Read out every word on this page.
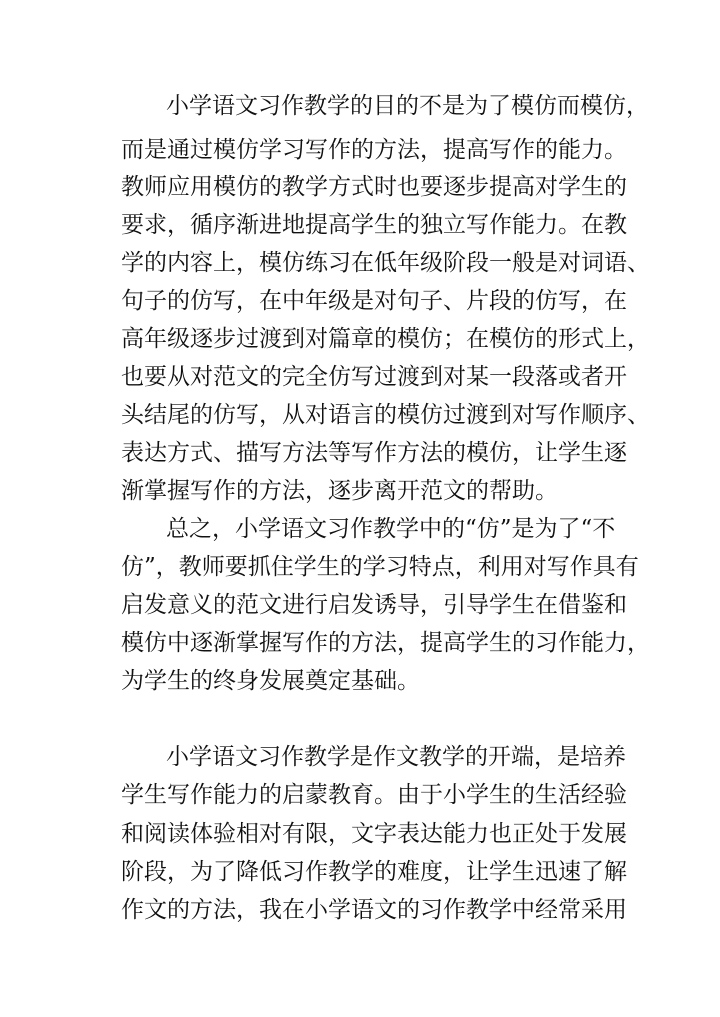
小学语文习作教学的目的不是为了模仿而模仿，
而是通过模仿学习写作的方法，提高写作的能力。
教师应用模仿的教学方式时也要逐步提高对学生的
要求，循序渐进地提高学生的独立写作能力。在教
学的内容上，模仿练习在低年级阶段一般是对词语、
句子的仿写，在中年级是对句子、片段的仿写，在
高年级逐步过渡到对篇章的模仿；在模仿的形式上，
也要从对范文的完全仿写过渡到对某一段落或者开
头结尾的仿写，从对语言的模仿过渡到对写作顺序、
表达方式、描写方法等写作方法的模仿，让学生逐
渐掌握写作的方法，逐步离开范文的帮助。
总之，小学语文习作教学中的“仿”是为了“不
仿”，教师要抓住学生的学习特点，利用对写作具有
启发意义的范文进行启发诱导，引导学生在借鉴和
模仿中逐渐掌握写作的方法，提高学生的习作能力，
为学生的终身发展奠定基础。
小学语文习作教学是作文教学的开端，是培养
学生写作能力的启蒙教育。由于小学生的生活经验
和阅读体验相对有限，文字表达能力也正处于发展
阶段，为了降低习作教学的难度，让学生迅速了解
作文的方法，我在小学语文的习作教学中经常采用
